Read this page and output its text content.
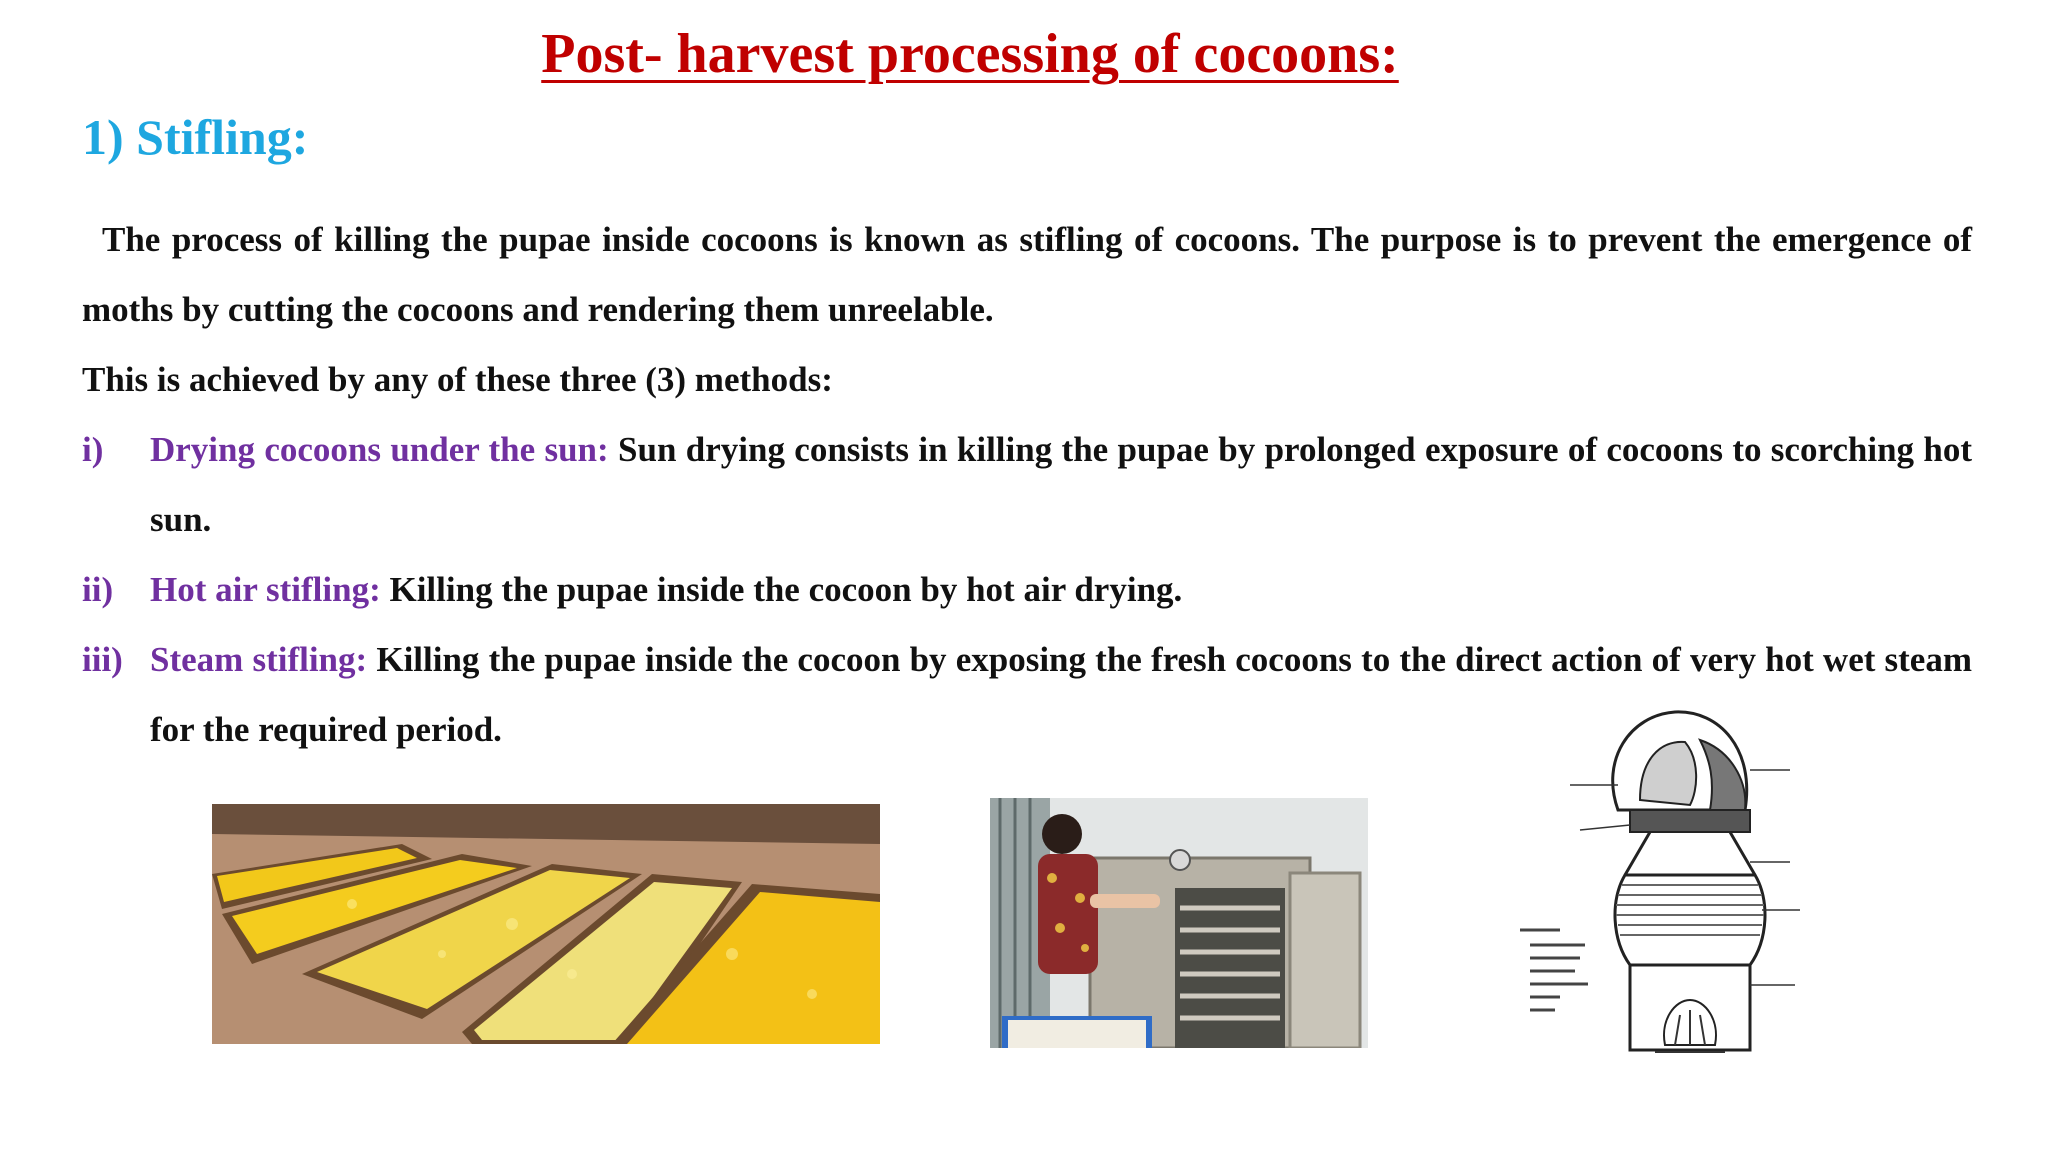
Post- harvest processing of cocoons:
1) Stifling:
The process of killing the pupae inside cocoons is known as stifling of cocoons. The purpose is to prevent the emergence of moths by cutting the cocoons and rendering them unreelable.
This is achieved by any of these three (3) methods:
i)	Drying cocoons under the sun: Sun drying consists in killing the pupae by prolonged exposure of cocoons to scorching hot sun.
ii)	Hot air stifling: Killing the pupae inside the cocoon by hot air drying.
iii) Steam stifling: Killing the pupae inside the cocoon by exposing the fresh cocoons to the direct action of very hot wet steam for the required period.
